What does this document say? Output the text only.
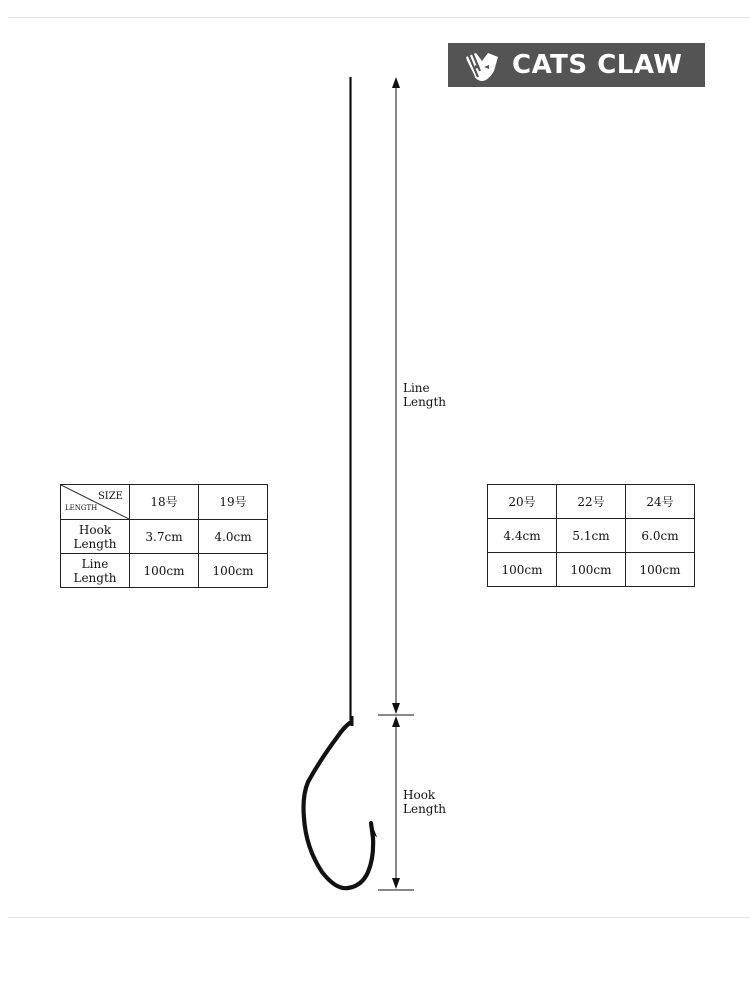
CATS CLAW
Line
Length
Hook
Length
SIZE
LENGTH	18号	19号

Hook
Length	3.7cm	4.0cm

Line
Length	100cm	100cm
20号	22号	24号
4.4cm	5.1cm	6.0cm
100cm	100cm	100cm
